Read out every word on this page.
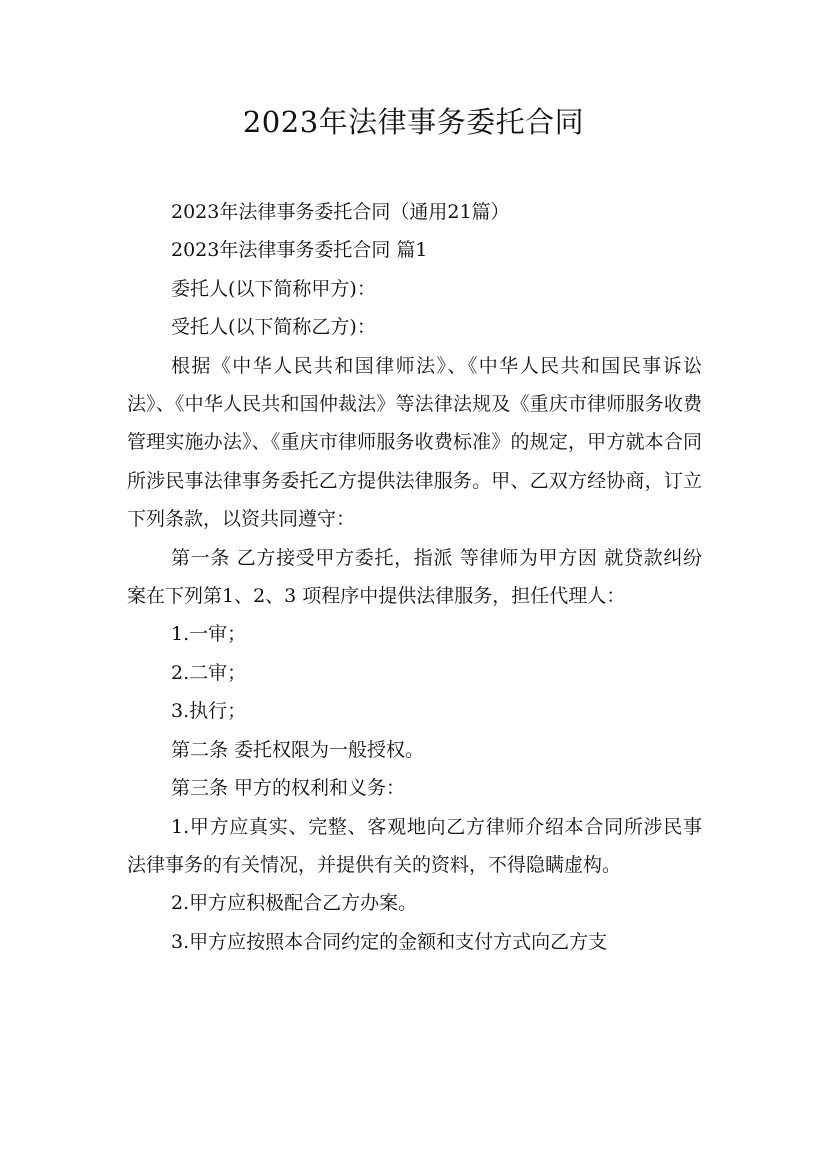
2023年法律事务委托合同

2023年法律事务委托合同（通用21篇）

2023年法律事务委托合同 篇1

委托人(以下简称甲方)：

受托人(以下简称乙方)：

根据《中华人民共和国律师法》、《中华人民共和国民事诉讼法》、《中华人民共和国仲裁法》等法律法规及《重庆市律师服务收费管理实施办法》、《重庆市律师服务收费标准》的规定，甲方就本合同所涉民事法律事务委托乙方提供法律服务。甲、乙双方经协商，订立下列条款，以资共同遵守：

第一条 乙方接受甲方委托，指派 等律师为甲方因 就贷款纠纷案在下列第1、2、3 项程序中提供法律服务，担任代理人：

1.一审；

2.二审；

3.执行；

第二条 委托权限为一般授权。

第三条 甲方的权利和义务：

1.甲方应真实、完整、客观地向乙方律师介绍本合同所涉民事法律事务的有关情况，并提供有关的资料，不得隐瞒虚构。

2.甲方应积极配合乙方办案。

3.甲方应按照本合同约定的金额和支付方式向乙方支
